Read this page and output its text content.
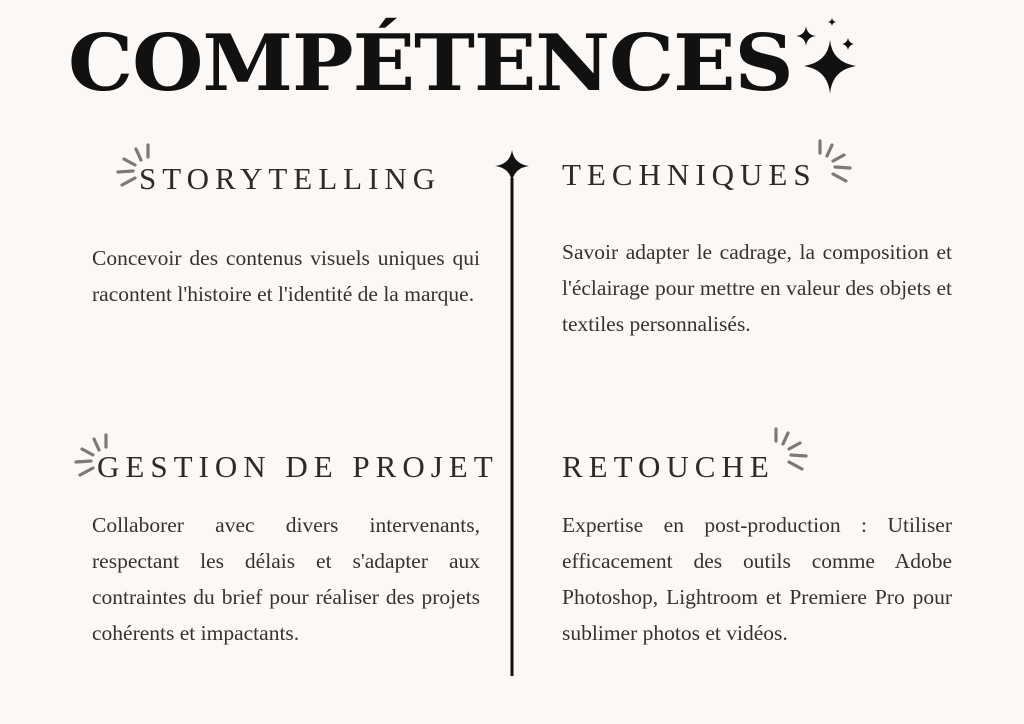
COMPÉTENCES
STORYTELLING

Concevoir des contenus visuels uniques qui racontent l'histoire et l'identité de la marque.

TECHNIQUES

Savoir adapter le cadrage, la composition et l'éclairage pour mettre en valeur des objets et textiles personnalisés.

GESTION DE PROJET

Collaborer avec divers intervenants, respectant les délais et s'adapter aux contraintes du brief pour réaliser des projets cohérents et impactants.

RETOUCHE

Expertise en post-production : Utiliser efficacement des outils comme Adobe Photoshop, Lightroom et Premiere Pro pour sublimer photos et vidéos.
